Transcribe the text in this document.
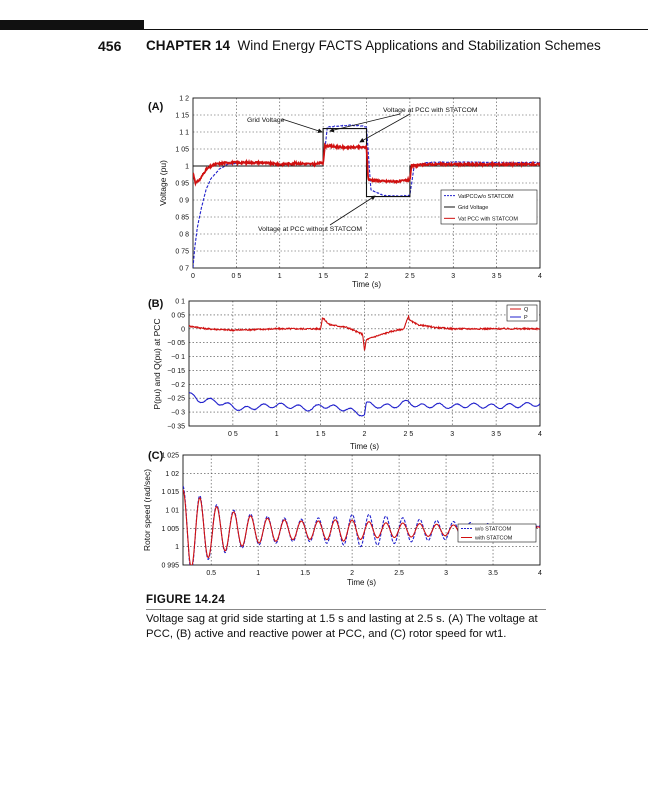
456 CHAPTER 14 Wind Energy FACTS Applications and Stabilization Schemes
0	0 5	1	1 5	2	2 5	3	3 5	4
0 7
0 75
0 8
0 85
0 9
0 95
1
1 05
1 1
1 15
1 2
(A)
Time (s)
Voltage (pu)	VatPCCw/o STATCOM
Grid Voltage
Vat PCC with STATCOM
0 5	1	1 5	2	2 5	3	3 5	4
−0 35
−0 3
−0 25
−0 2
−0 15
−0 1
−0 05
0
0 05
0 1
(B)
Time (s)
P(pu) and Q(pu) at PCC
Q
P
0.5	1	1.5	2	2.5	3	3.5	4
0 995
1
1 005
1 01
1 015
1 02
1 025
(C)
Time (s)
Rotor speed (rad/sec)	w/o STATCOM
with STATCOM
Voltage at PCC with STATCOM
Grid Voltage
Voltage at PCC without STATCOM
FIGURE 14.24
Voltage sag at grid side starting at 1.5 s and lasting at 2.5 s. (A) The voltage at PCC, (B) active and reactive power at PCC, and (C) rotor speed for wt1.
